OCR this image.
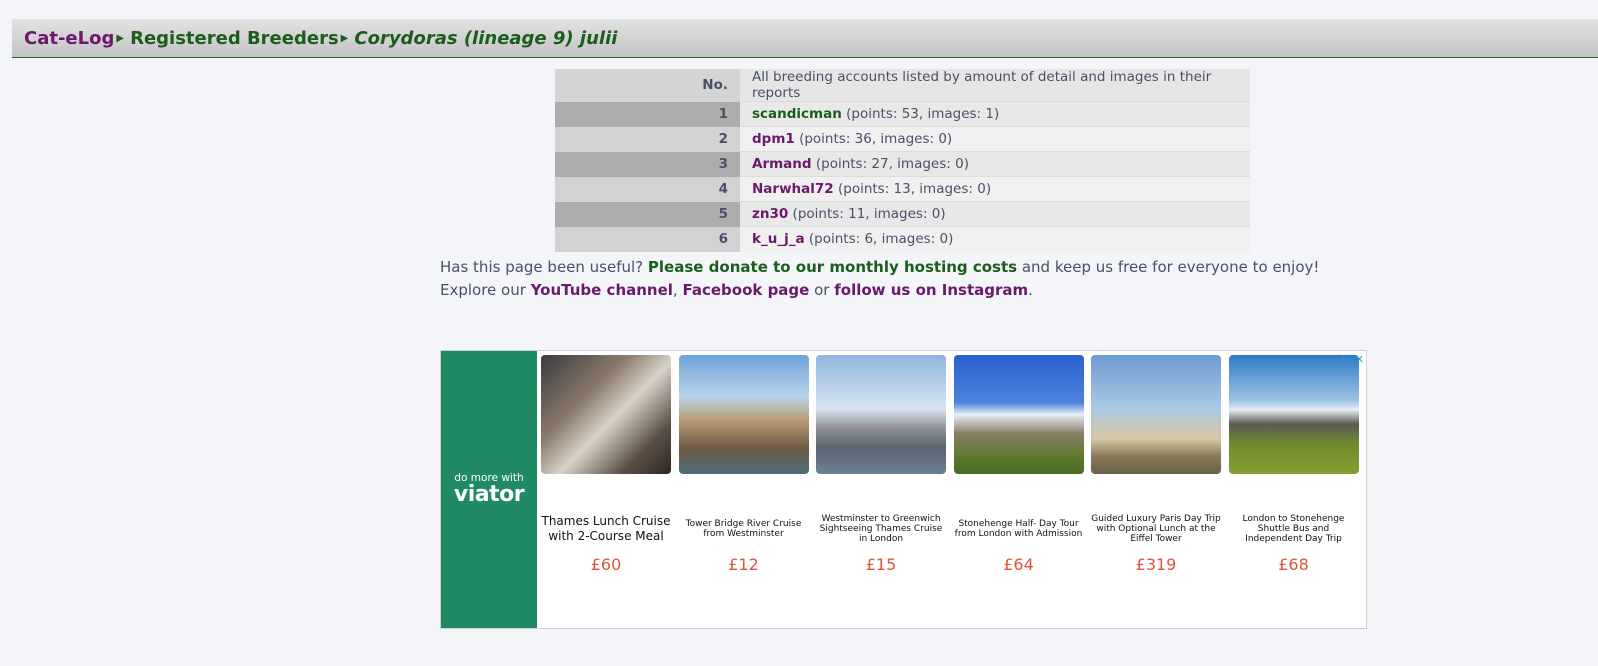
Cat-eLog ▶ Registered Breeders ▶ Corydoras (lineage 9) julii
No.	All breeding accounts listed by amount of detail and images in their reports
1	scandicman (points: 53, images: 1)
2	dpm1 (points: 36, images: 0)
3	Armand (points: 27, images: 0)
4	Narwhal72 (points: 13, images: 0)
5	zn30 (points: 11, images: 0)
6	k_u_j_a (points: 6, images: 0)
Has this page been useful? Please donate to our monthly hosting costs and keep us free for everyone to enjoy!
Explore our YouTube channel, Facebook page or follow us on Instagram.
do more with
viator
Thames Lunch Cruise with 2-Course Meal
£60
Tower Bridge River Cruise from Westminster
£12
Westminster to Greenwich Sightseeing Thames Cruise in London
£15
Stonehenge Half- Day Tour from London with Admission
£64
Guided Luxury Paris Day Trip with Optional Lunch at the Eiffel Tower
£319
London to Stonehenge Shuttle Bus and Independent Day Trip
£68
▷ ✕
